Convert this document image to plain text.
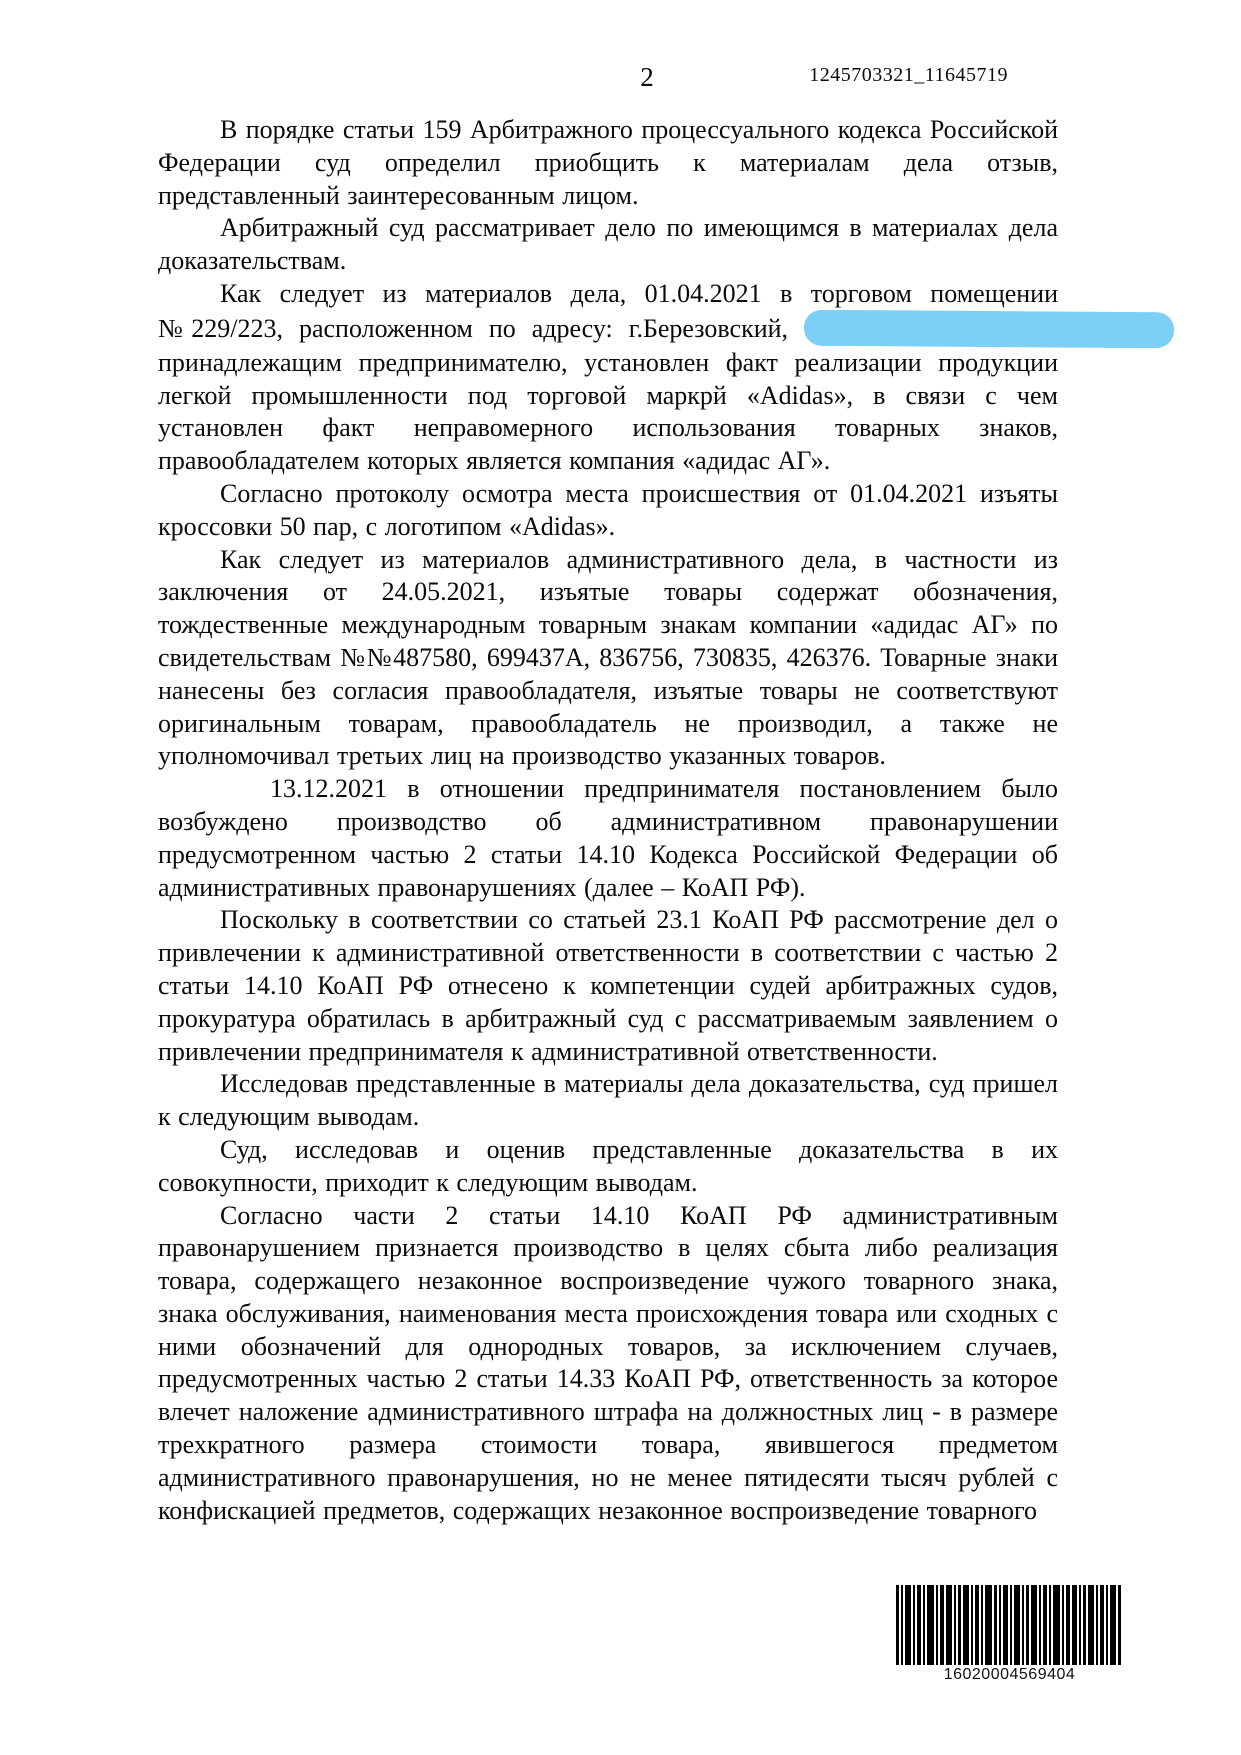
2	1245703321_11645719

В порядке статьи 159 Арбитражного процессуального кодекса Российской Федерации суд определил приобщить к материалам дела отзыв, представленный заинтересованным лицом.

Арбитражный суд рассматривает дело по имеющимся в материалах дела доказательствам.

Как следует из материалов дела, 01.04.2021 в торговом помещении №229/223, расположенном по адресу: г.Березовский,  принадлежащим предпринимателю, установлен факт реализации продукции легкой промышленности под торговой маркрй «Adidas», в связи с чем установлен факт неправомерного использования товарных знаков, правообладателем которых является компания «адидас АГ».

Согласно протоколу осмотра места происшествия от 01.04.2021 изъяты кроссовки 50 пар, с логотипом «Adidas».

Как следует из материалов административного дела, в частности из заключения от 24.05.2021, изъятые товары содержат обозначения, тождественные международным товарным знакам компании «адидас АГ» по свидетельствам №№487580, 699437А, 836756, 730835, 426376. Товарные знаки нанесены без согласия правообладателя, изъятые товары не соответствуют оригинальным товарам, правообладатель не производил, а также не уполномочивал третьих лиц на производство указанных товаров.

13.12.2021 в отношении предпринимателя постановлением было возбуждено производство об административном правонарушении предусмотренном частью 2 статьи 14.10 Кодекса Российской Федерации об административных правонарушениях (далее – КоАП РФ).

Поскольку в соответствии со статьей 23.1 КоАП РФ рассмотрение дел о привлечении к административной ответственности в соответствии с частью 2 статьи 14.10 КоАП РФ отнесено к компетенции судей арбитражных судов, прокуратура обратилась в арбитражный суд с рассматриваемым заявлением о привлечении предпринимателя к административной ответственности.

Исследовав представленные в материалы дела доказательства, суд пришел к следующим выводам.

Суд, исследовав и оценив представленные доказательства в их совокупности, приходит к следующим выводам.

Согласно части 2 статьи 14.10 КоАП РФ административным правонарушением признается производство в целях сбыта либо реализация товара, содержащего незаконное воспроизведение чужого товарного знака, знака обслуживания, наименования места происхождения товара или сходных с ними обозначений для однородных товаров, за исключением случаев, предусмотренных частью 2 статьи 14.33 КоАП РФ, ответственность за которое влечет наложение административного штрафа на должностных лиц - в размере трехкратного размера стоимости товара, явившегося предметом административного правонарушения, но не менее пятидесяти тысяч рублей с конфискацией предметов, содержащих незаконное воспроизведение товарного

16020004569404
